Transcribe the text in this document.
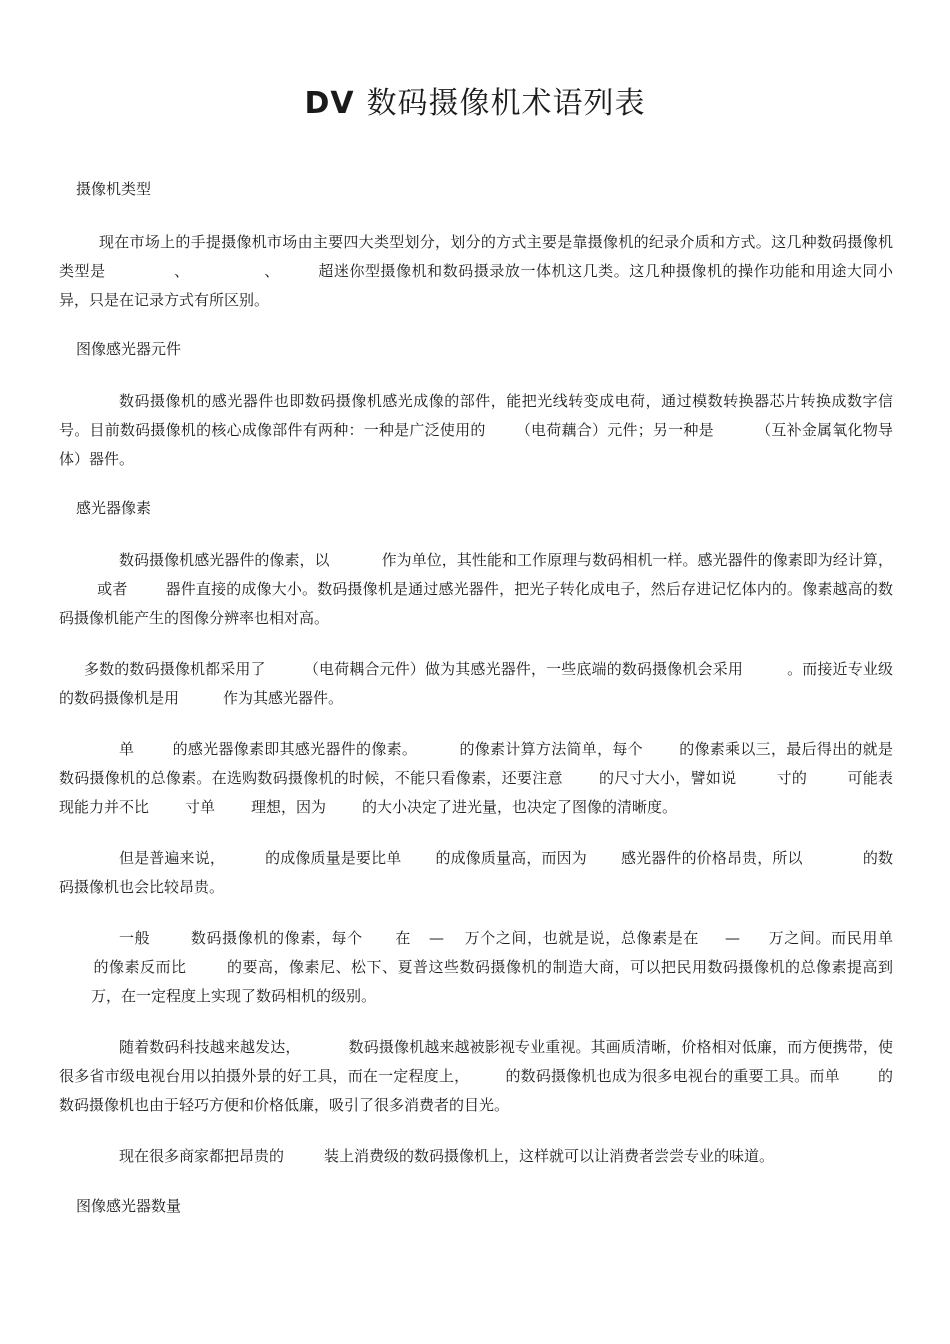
DV 数码摄像机术语列表
摄像机类型
现在市场上的手提摄像机市场由主要四大类型划分，划分的方式主要是靠摄像机的纪录介质和方式。这几种数码摄像机类型是	、	、	超迷你型摄像机和数码摄录放一体机这几类。这几种摄像机的操作功能和用途大同小异，只是在记录方式有所区别。
图像感光器元件
数码摄像机的感光器件也即数码摄像机感光成像的部件，能把光线转变成电荷，通过模数转换器芯片转换成数字信号。目前数码摄像机的核心成像部件有两种：一种是广泛使用的 （电荷藕合）元件；另一种是	（互补金属氧化物导体）器件。
感光器像素
数码摄像机感光器件的像素，以	作为单位，其性能和工作原理与数码相机一样。感光器件的像素即为经计算，或者	器件直接的成像大小。数码摄像机是通过感光器件，把光子转化成电子，然后存进记忆体内的。像素越高的数码摄像机能产生的图像分辨率也相对高。
多数的数码摄像机都采用了	（电荷耦合元件）做为其感光器件，一些底端的数码摄像机会采用	。而接近专业级的数码摄像机是用	作为其感光器件。
单	的感光器像素即其感光器件的像素。	的像素计算方法简单，每个 的像素乘以三，最后得出的就是数码摄像机的总像素。在选购数码摄像机的时候，不能只看像素，还要注意 的尺寸大小，譬如说	寸的	可能表现能力并不比 寸单 理想，因为 的大小决定了进光量，也决定了图像的清晰度。
但是普遍来说，	的成像质量是要比单 的成像质量高，而因为 感光器件的价格昂贵，所以	的数码摄像机也会比较昂贵。
一般	数码摄像机的像素，每个 在 — 万个之间，也就是说，总像素是在 — 万之间。而民用单的像素反而比	的要高，像素尼、松下、夏普这些数码摄像机的制造大商，可以把民用数码摄像机的总像素提高到万，在一定程度上实现了数码相机的级别。
随着数码科技越来越发达，	数码摄像机越来越被影视专业重视。其画质清晰，价格相对低廉，而方便携带，使很多省市级电视台用以拍摄外景的好工具，而在一定程度上， 的数码摄像机也成为很多电视台的重要工具。而单	的数码摄像机也由于轻巧方便和价格低廉，吸引了很多消费者的目光。
现在很多商家都把昂贵的	装上消费级的数码摄像机上，这样就可以让消费者尝尝专业的味道。
图像感光器数量
